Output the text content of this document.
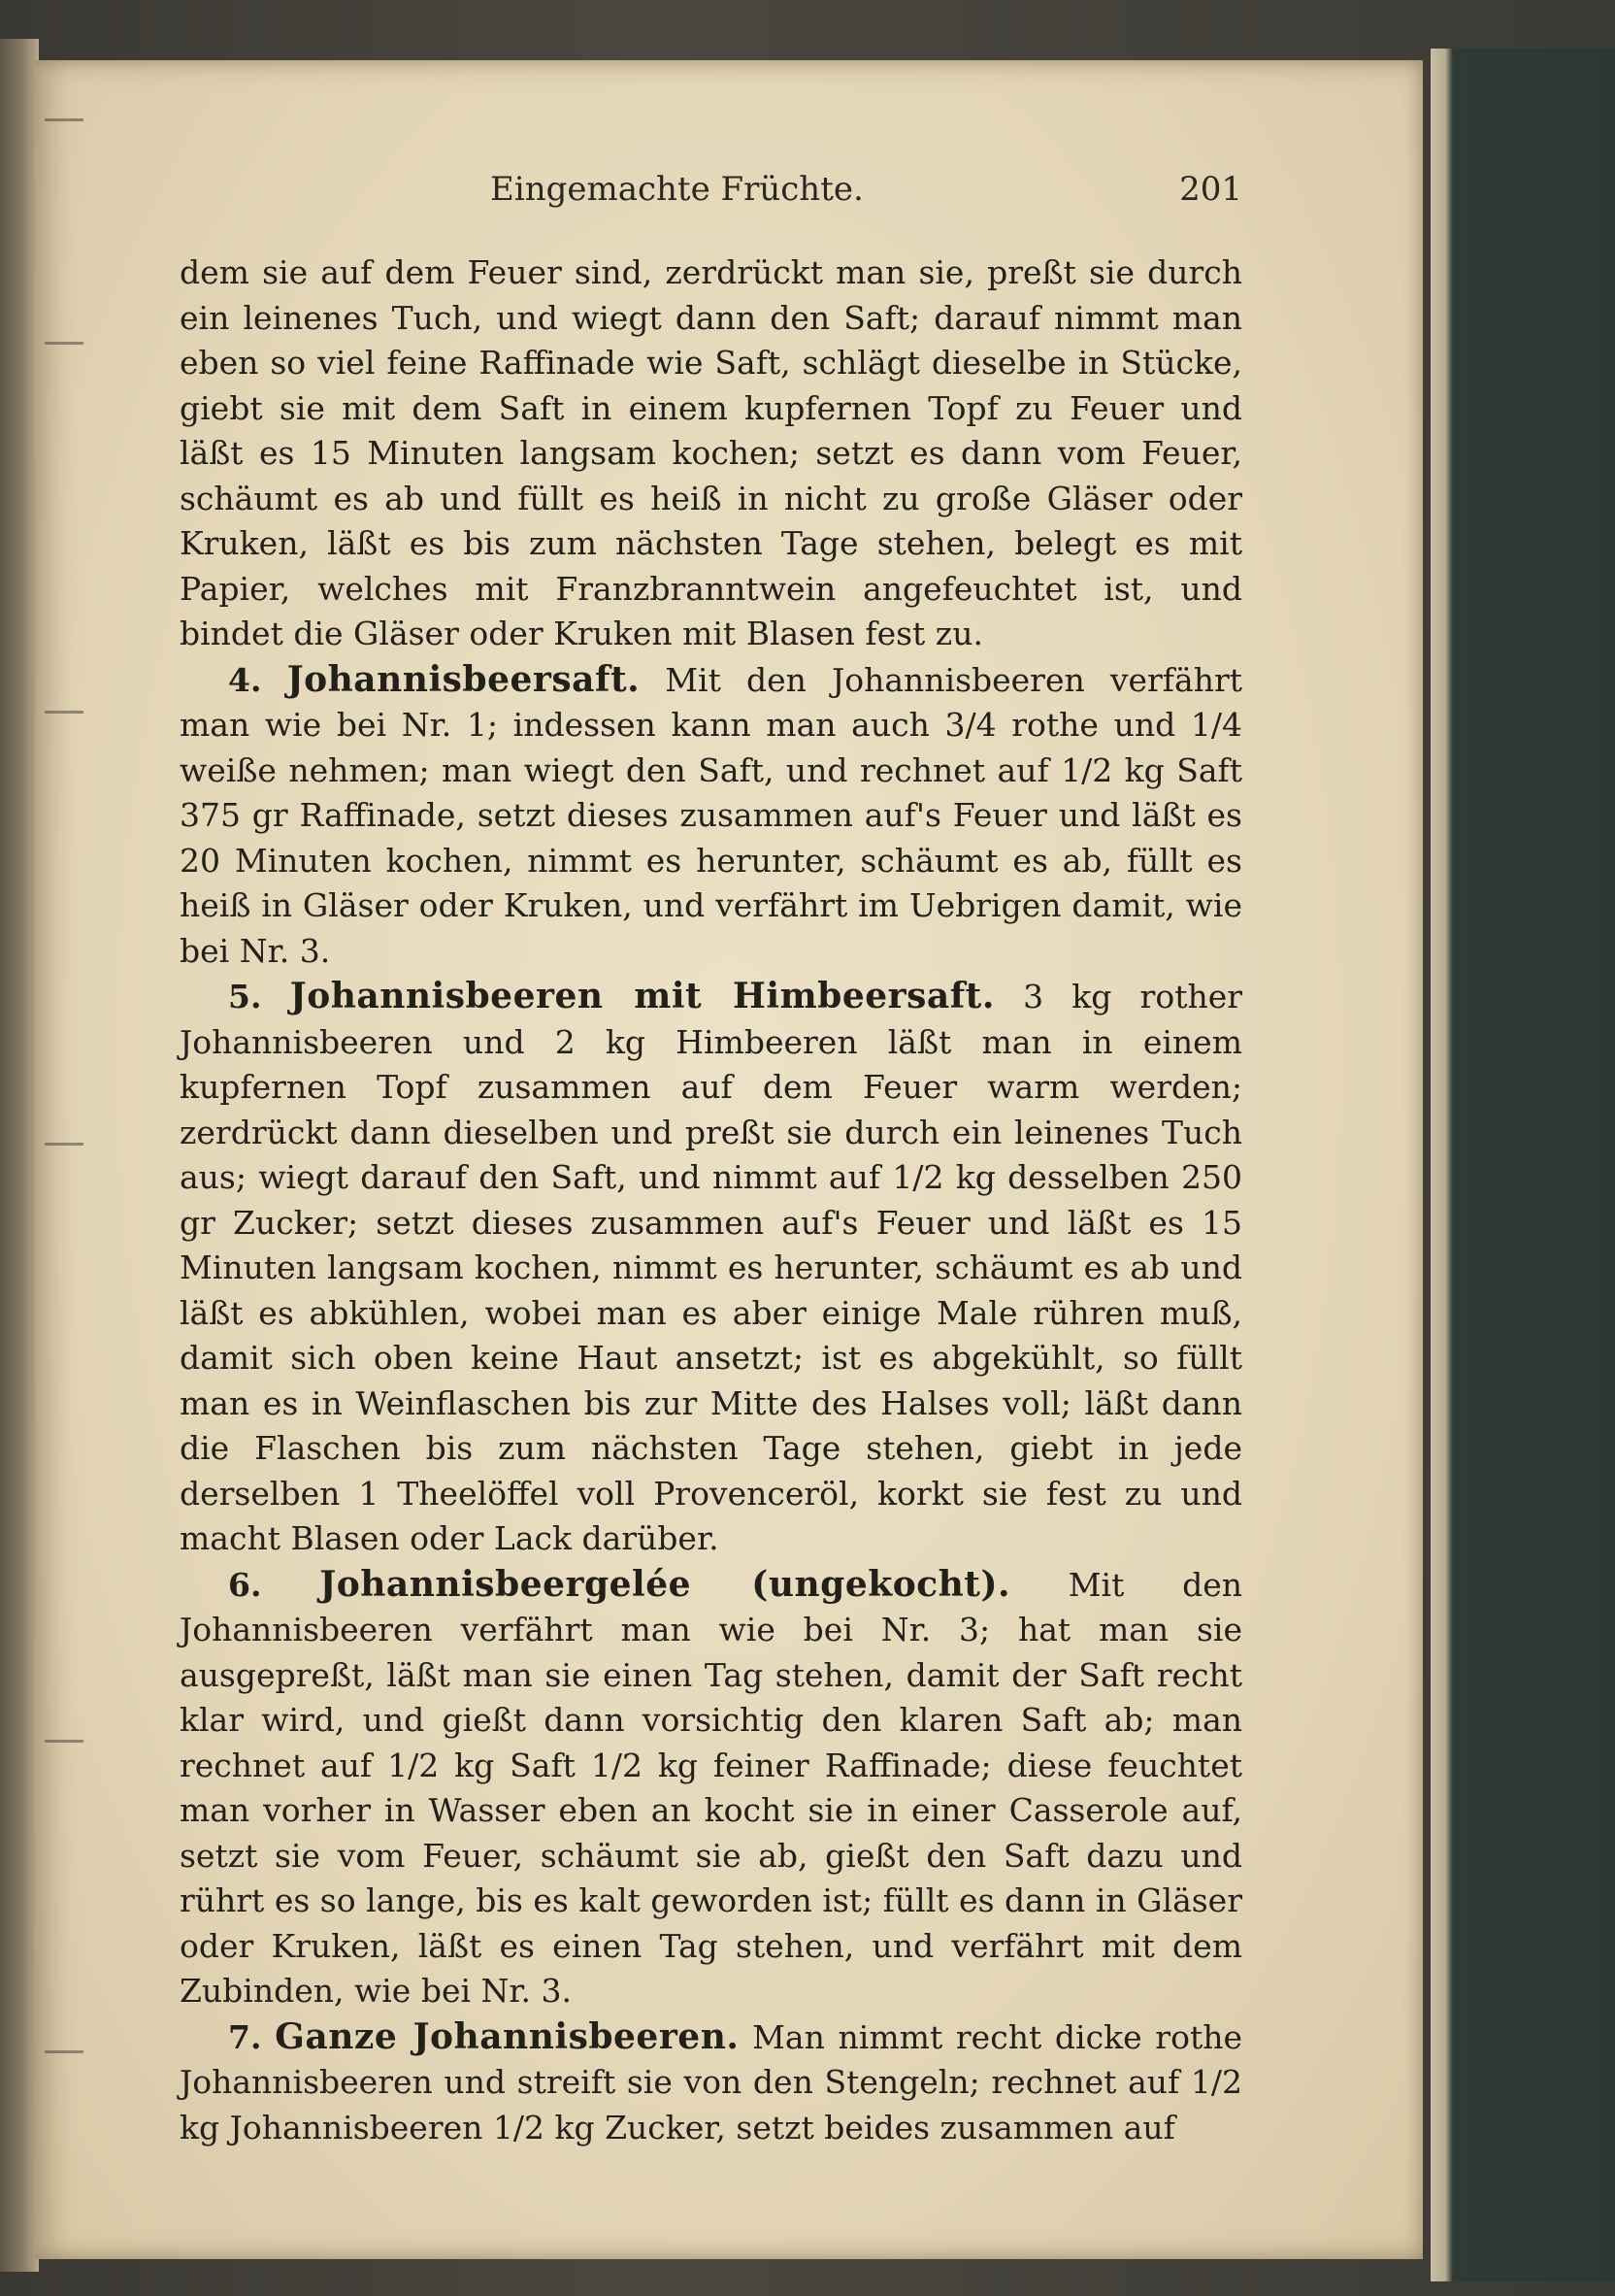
Eingemachte Früchte.	201

dem sie auf dem Feuer sind, zerdrückt man sie, preßt sie durch ein leinenes Tuch, und wiegt dann den Saft; darauf nimmt man eben so viel feine Raffinade wie Saft, schlägt dieselbe in Stücke, giebt sie mit dem Saft in einem kupfernen Topf zu Feuer und läßt es 15 Minuten langsam kochen; setzt es dann vom Feuer, schäumt es ab und füllt es heiß in nicht zu große Gläser oder Kruken, läßt es bis zum nächsten Tage stehen, belegt es mit Papier, welches mit Franzbranntwein angefeuchtet ist, und bindet die Gläser oder Kruken mit Blasen fest zu.

4. Johannisbeersaft. Mit den Johannisbeeren verfährt man wie bei Nr. 1; indessen kann man auch 3/4 rothe und 1/4 weiße nehmen; man wiegt den Saft, und rechnet auf 1/2 kg Saft 375 gr Raffinade, setzt dieses zusammen auf's Feuer und läßt es 20 Minuten kochen, nimmt es herunter, schäumt es ab, füllt es heiß in Gläser oder Kruken, und verfährt im Uebrigen damit, wie bei Nr. 3.

5. Johannisbeeren mit Himbeersaft. 3 kg rother Johannisbeeren und 2 kg Himbeeren läßt man in einem kupfernen Topf zusammen auf dem Feuer warm werden; zerdrückt dann dieselben und preßt sie durch ein leinenes Tuch aus; wiegt darauf den Saft, und nimmt auf 1/2 kg desselben 250 gr Zucker; setzt dieses zusammen auf's Feuer und läßt es 15 Minuten langsam kochen, nimmt es herunter, schäumt es ab und läßt es abkühlen, wobei man es aber einige Male rühren muß, damit sich oben keine Haut ansetzt; ist es abgekühlt, so füllt man es in Weinflaschen bis zur Mitte des Halses voll; läßt dann die Flaschen bis zum nächsten Tage stehen, giebt in jede derselben 1 Theelöffel voll Provenceröl, korkt sie fest zu und macht Blasen oder Lack darüber.

6. Johannisbeergelée (ungekocht). Mit den Johannisbeeren verfährt man wie bei Nr. 3; hat man sie ausgepreßt, läßt man sie einen Tag stehen, damit der Saft recht klar wird, und gießt dann vorsichtig den klaren Saft ab; man rechnet auf 1/2 kg Saft 1/2 kg feiner Raffinade; diese feuchtet man vorher in Wasser eben an kocht sie in einer Casserole auf, setzt sie vom Feuer, schäumt sie ab, gießt den Saft dazu und rührt es so lange, bis es kalt geworden ist; füllt es dann in Gläser oder Kruken, läßt es einen Tag stehen, und verfährt mit dem Zubinden, wie bei Nr. 3.

7. Ganze Johannisbeeren. Man nimmt recht dicke rothe Johannisbeeren und streift sie von den Stengeln; rechnet auf 1/2 kg Johannisbeeren 1/2 kg Zucker, setzt beides zusammen auf
